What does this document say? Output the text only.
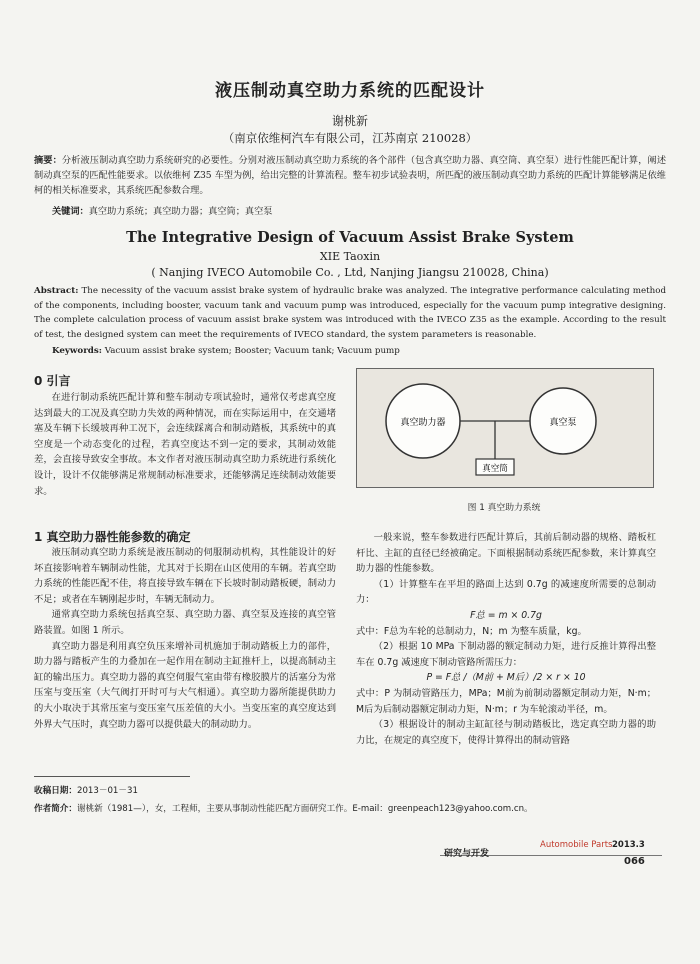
液压制动真空助力系统的匹配设计
谢桃新
（南京依维柯汽车有限公司，江苏南京 210028）
摘要：分析液压制动真空助力系统研究的必要性。分别对液压制动真空助力系统的各个部件（包含真空助力器、真空筒、真空泵）进行性能匹配计算，阐述制动真空泵的匹配性能要求。以依维柯 Z35 车型为例，给出完整的计算流程。整车初步试验表明，所匹配的液压制动真空助力系统的匹配计算能够满足依维柯的相关标准要求，其系统匹配参数合理。
关键词：真空助力系统；真空助力器；真空筒；真空泵
The Integrative Design of Vacuum Assist Brake System
XIE Taoxin
( Nanjing IVECO Automobile Co. , Ltd, Nanjing Jiangsu 210028, China)
Abstract: The necessity of the vacuum assist brake system of hydraulic brake was analyzed. The integrative performance calculating method of the components, including booster, vacuum tank and vacuum pump was introduced, especially for the vacuum pump integrative designing. The complete calculation process of vacuum assist brake system was introduced with the IVECO Z35 as the example. According to the result of test, the designed system can meet the requirements of IVECO standard, the system parameters is reasonable.
Keywords: Vacuum assist brake system; Booster; Vacuum tank; Vacuum pump
0 引言

在进行制动系统匹配计算和整车制动专项试验时，通常仅考虑真空度达到最大的工况及真空助力失效的两种情况，而在实际运用中，在交通堵塞及车辆下长缓坡再种工况下，会连续踩离合和制动踏板，其系统中的真空度是一个动态变化的过程，若真空度达不到一定的要求，其制动效能差，会直接导致安全事故。本文作者对液压制动真空助力系统进行系统化设计，设计不仅能够满足常规制动标准要求，还能够满足连续制动效能要求。

1 真空助力器性能参数的确定

液压制动真空助力系统是液压制动的伺服制动机构，其性能设计的好坏直接影响着车辆制动性能，尤其对于长期在山区使用的车辆。若真空助力系统的性能匹配不佳，将直接导致车辆在下长坡时制动踏板硬，制动力不足；或者在车辆刚起步时，车辆无制动力。

通常真空助力系统包括真空泵、真空助力器、真空泵及连接的真空管路装置。如图 1 所示。

真空助力器是利用真空负压来增补司机施加于制动踏板上力的部件，助力器与踏板产生的力叠加在一起作用在制动主缸推杆上，以提高制动主缸的输出压力。真空助力器的真空伺服气室由带有橡胶膜片的活塞分为常压室与变压室（大气阀打开时可与大气相通）。真空助力器所能提供助力的大小取决于其常压室与变压室气压差值的大小。当变压室的真空度达到外界大气压时，真空助力器可以提供最大的制动助力。

真空助力器	真空泵
真空筒
图 1 真空助力系统

一般来说，整车参数进行匹配计算后，其前后制动器的规格、踏板杠杆比、主缸的直径已经被确定。下面根据制动系统匹配参数，来计算真空助力器的性能参数。

（1）计算整车在平坦的路面上达到 0.7g 的减速度所需要的总制动力：

F总 = m × 0.7g

式中：F总为车轮的总制动力，N；m 为整车质量，kg。

（2）根据 10 MPa 下制动器的额定制动力矩，进行反推计算得出整车在 0.7g 减速度下制动管路所需压力：

P = F总 /（M前 + M后）/2 × r × 10

式中：P 为制动管路压力，MPa；M前为前制动器额定制动力矩，N·m；M后为后制动器额定制动力矩，N·m；r 为车轮滚动半径，m。

（3）根据设计的制动主缸缸径与制动踏板比，选定真空助力器的助力比，在规定的真空度下，使得计算得出的制动管路

收稿日期：2013－01－31
作者简介：谢桃新（1981—），女，工程师，主要从事制动性能匹配方面研究工作。E-mail：greenpeach123@yahoo.com.cn。
研究与开发
Automobile Parts 2013.3
066
